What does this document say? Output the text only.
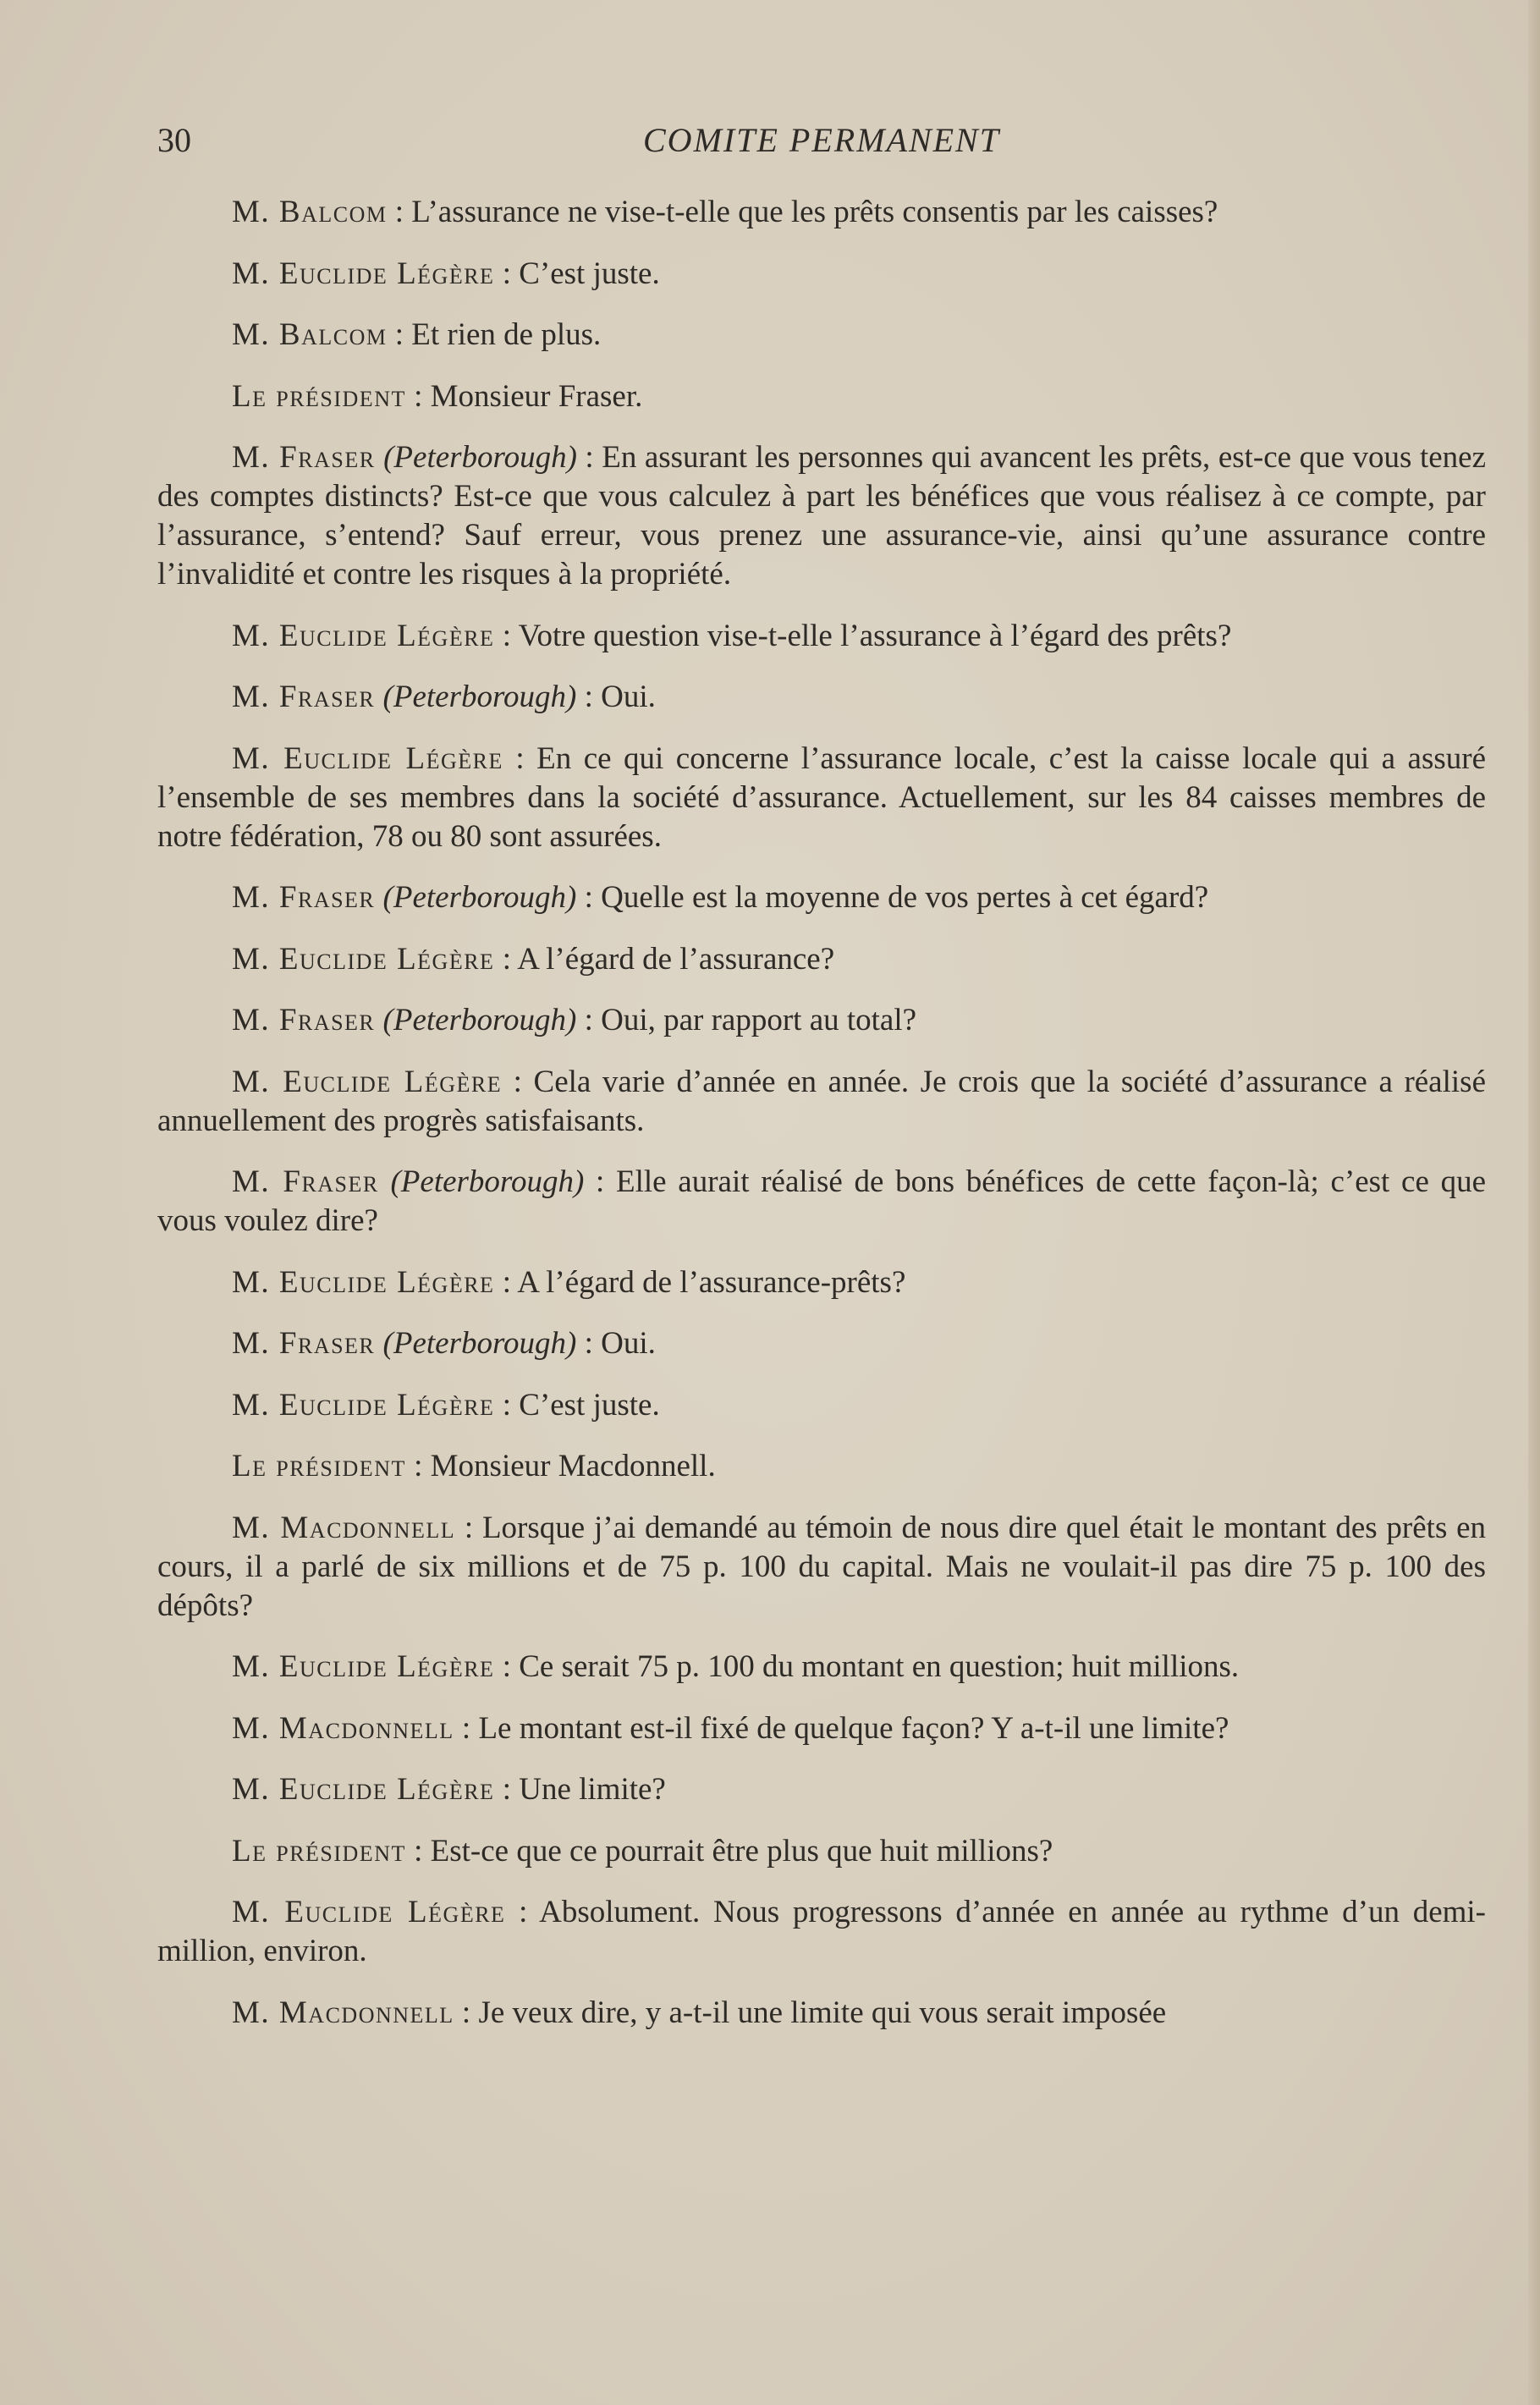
30	COMITE PERMANENT

M. Balcom : L’assurance ne vise-t-elle que les prêts consentis par les caisses?

M. Euclide Légère : C’est juste.

M. Balcom : Et rien de plus.

Le président : Monsieur Fraser.

M. Fraser (Peterborough) : En assurant les personnes qui avancent les prêts, est-ce que vous tenez des comptes distincts? Est-ce que vous calculez à part les bénéfices que vous réalisez à ce compte, par l’assurance, s’entend? Sauf erreur, vous prenez une assurance-vie, ainsi qu’une assurance contre l’invalidité et contre les risques à la propriété.

M. Euclide Légère : Votre question vise-t-elle l’assurance à l’égard des prêts?

M. Fraser (Peterborough) : Oui.

M. Euclide Légère : En ce qui concerne l’assurance locale, c’est la caisse locale qui a assuré l’ensemble de ses membres dans la société d’assurance. Actuellement, sur les 84 caisses membres de notre fédération, 78 ou 80 sont assurées.

M. Fraser (Peterborough) : Quelle est la moyenne de vos pertes à cet égard?

M. Euclide Légère : A l’égard de l’assurance?

M. Fraser (Peterborough) : Oui, par rapport au total?

M. Euclide Légère : Cela varie d’année en année. Je crois que la société d’assurance a réalisé annuellement des progrès satisfaisants.

M. Fraser (Peterborough) : Elle aurait réalisé de bons bénéfices de cette façon-là; c’est ce que vous voulez dire?

M. Euclide Légère : A l’égard de l’assurance-prêts?

M. Fraser (Peterborough) : Oui.

M. Euclide Légère : C’est juste.

Le président : Monsieur Macdonnell.

M. Macdonnell : Lorsque j’ai demandé au témoin de nous dire quel était le montant des prêts en cours, il a parlé de six millions et de 75 p. 100 du capital. Mais ne voulait-il pas dire 75 p. 100 des dépôts?

M. Euclide Légère : Ce serait 75 p. 100 du montant en question; huit millions.

M. Macdonnell : Le montant est-il fixé de quelque façon? Y a-t-il une limite?

M. Euclide Légère : Une limite?

Le président : Est-ce que ce pourrait être plus que huit millions?

M. Euclide Légère : Absolument. Nous progressons d’année en année au rythme d’un demi-million, environ.

M. Macdonnell : Je veux dire, y a-t-il une limite qui vous serait imposée
